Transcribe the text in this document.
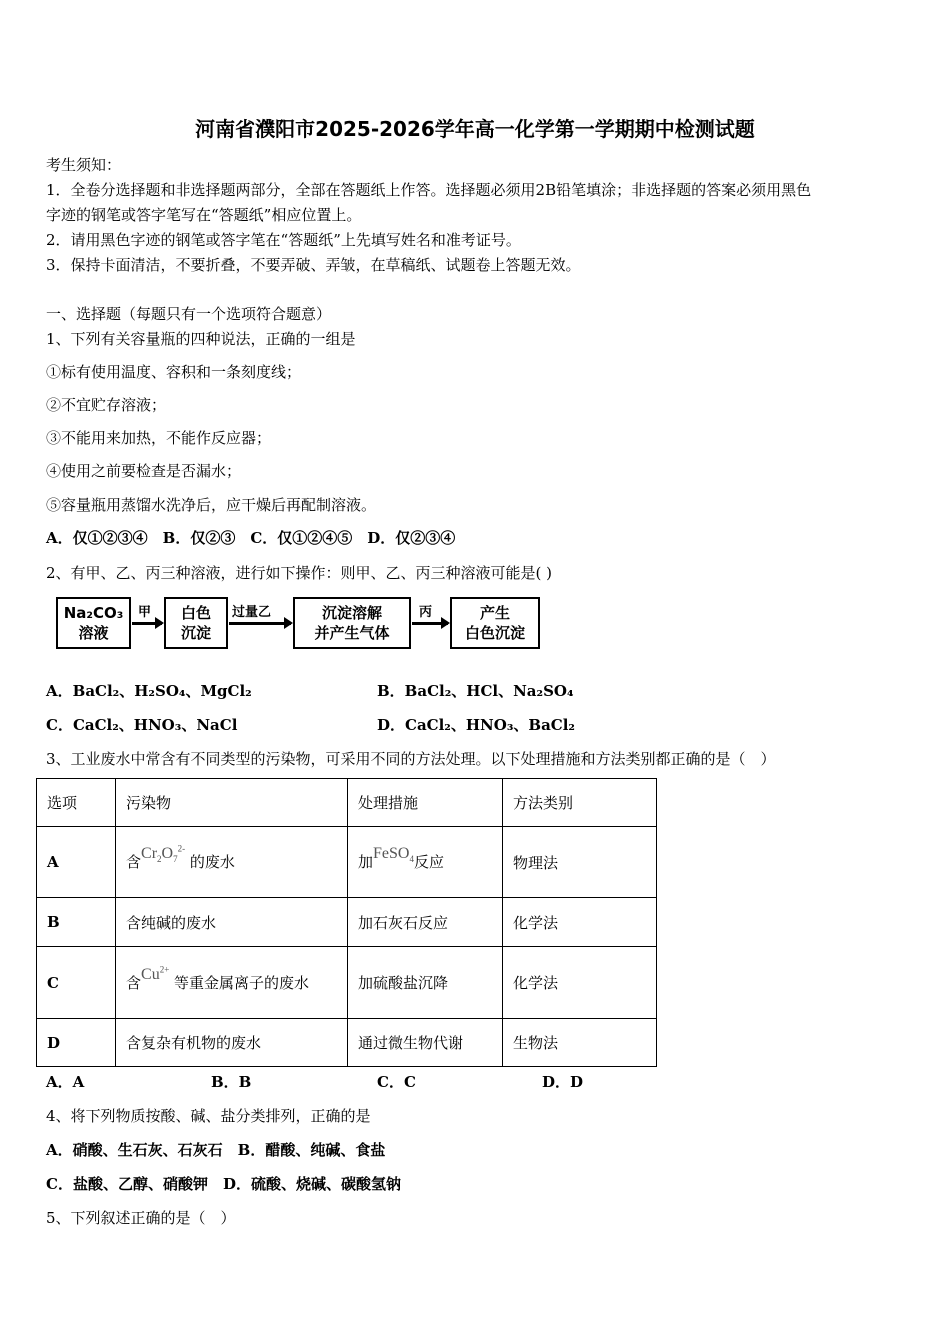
河南省濮阳市2025-2026学年高一化学第一学期期中检测试题
考生须知：
1．全卷分选择题和非选择题两部分，全部在答题纸上作答。选择题必须用2B铅笔填涂；非选择题的答案必须用黑色
字迹的钢笔或答字笔写在“答题纸”相应位置上。
2．请用黑色字迹的钢笔或答字笔在“答题纸”上先填写姓名和准考证号。
3．保持卡面清洁，不要折叠，不要弄破、弄皱，在草稿纸、试题卷上答题无效。
一、选择题（每题只有一个选项符合题意）
1、下列有关容量瓶的四种说法，正确的一组是
①标有使用温度、容积和一条刻度线；
②不宜贮存溶液；
③不能用来加热，不能作反应器；
④使用之前要检查是否漏水；
⑤容量瓶用蒸馏水洗净后，应干燥后再配制溶液。
A．仅①②③④　B．仅②③　C．仅①②④⑤　D．仅②③④
2、有甲、乙、丙三种溶液，进行如下操作：则甲、乙、丙三种溶液可能是( )
Na₂CO₃
溶液
甲 白色
沉淀
过量乙	沉淀溶解
并产生气体
丙	产生
白色沉淀
A．BaCl₂、H₂SO₄、MgCl₂	B．BaCl₂、HCl、Na₂SO₄
C．CaCl₂、HNO₃、NaCl	D．CaCl₂、HNO₃、BaCl₂
3、工业废水中常含有不同类型的污染物，可采用不同的方法处理。以下处理措施和方法类别都正确的是（　）
选项	污染物	处理措施	方法类别
A	含$Cr_2O_7^{2-}$ 的废水	加FeSO$_4$反应	物理法
B	含纯碱的废水	加石灰石反应	化学法
C	含$Cu^{2+}$ 等重金属离子的废水	加硫酸盐沉降	化学法
D	含复杂有机物的废水	通过微生物代谢	生物法
A．A	B．B	C．C	D．D
4、将下列物质按酸、碱、盐分类排列，正确的是
A．硝酸、生石灰、石灰石　B．醋酸、纯碱、食盐
C．盐酸、乙醇、硝酸钾　D．硫酸、烧碱、碳酸氢钠
5、下列叙述正确的是（　）
